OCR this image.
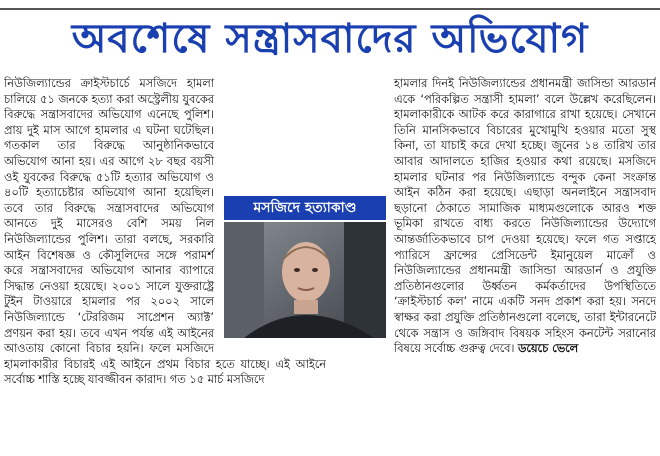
অবশেষে সন্ত্রাসবাদের অভিযোগ

নিউজিল্যান্ডের ক্রাইস্টচার্চে মসজিদে হামলা চালিয়ে ৫১ জনকে হত্যা করা অস্ট্রেলীয় যুবকের বিরুদ্ধে সন্ত্রাসবাদের অভিযোগ এনেছে পুলিশ। প্রায় দুই মাস আগে হামলার এ ঘটনা ঘটেছিল। গতকাল তার বিরুদ্ধে আনুষ্ঠানিকভাবে অভিযোগ আনা হয়। এর আগে ২৮ বছর বয়সী ওই যুবকের বিরুদ্ধে ৫১টি হত্যার অভিযোগ ও ৪০টি হত্যাচেষ্টার অভিযোগ আনা হয়েছিল। তবে তার বিরুদ্ধে সন্ত্রাসবাদের অভিযোগ আনতে দুই মাসেরও বেশি সময় নিল নিউজিল্যান্ডের পুলিশ। তারা বলছে, সরকারি আইন বিশেষজ্ঞ ও কৌসুলিদের সঙ্গে পরামর্শ করে সন্ত্রাসবাদের অভিযোগ আনার ব্যাপারে সিদ্ধান্ত নেওয়া হয়েছে। ২০০১ সালে যুক্তরাষ্ট্রে টুইন টাওয়ারে হামলার পর ২০০২ সালে নিউজিল্যান্ডে ‘টেররিজম সাপ্রেশন অ্যাক্ট’ প্রণয়ন করা হয়। তবে এখন পর্যন্ত এই আইনের আওতায় কোনো বিচার হয়নি। ফলে মসজিদে হামলাকারীর বিচারই এই আইনে প্রথম বিচার হতে যাচ্ছে। এই আইনে সর্বোচ্চ শাস্তি হচ্ছে যাবজ্জীবন কারাদ। গত ১৫ মার্চ মসজিদে

হামলার দিনই নিউজিল্যান্ডের প্রধানমন্ত্রী জাসিন্ডা আরডার্ন একে ‘পরিকল্পিত সন্ত্রাসী হামলা’ বলে উল্লেখ করেছিলেন। হামলাকারীকে আটক করে কারাগারে রাখা হয়েছে। সেখানে তিনি মানসিকভাবে বিচারের মুখোমুখি হওয়ার মতো সুস্থ কিনা, তা যাচাই করে দেখা হচ্ছে। জুনের ১৪ তারিখ তার আবার আদালতে হাজির হওয়ার কথা রয়েছে। মসজিদে হামলার ঘটনার পর নিউজিল্যান্ডে বন্দুক কেনা সংক্রান্ত আইন কঠিন করা হয়েছে। এছাড়া অনলাইনে সন্ত্রাসবাদ ছড়ানো ঠেকাতে সামাজিক মাধ্যমগুলোকে আরও শক্ত ভূমিকা রাখতে বাধ্য করতে নিউজিল্যান্ডের উদ্যোগে আন্তর্জাতিকভাবে চাপ দেওয়া হয়েছে। ফলে গত সপ্তাহে প্যারিসে ফ্রান্সের প্রেসিডেন্ট ইমানুয়েল মাক্রোঁ ও নিউজিল্যান্ডের প্রধানমন্ত্রী জাসিন্ডা আরডার্ন ও প্রযুক্তি প্রতিষ্ঠানগুলোর উর্ধ্বতন কর্মকর্তাদের উপস্থিতিতে ‘ক্রাইস্টচার্চ কল’ নামে একটি সনদ প্রকাশ করা হয়। সনদে স্বাক্ষর করা প্রযুক্তি প্রতিষ্ঠানগুলো বলেছে, তারা ইন্টারনেটে থেকে সন্ত্রাস ও জঙ্গিবাদ বিষয়ক সহিংস কনটেন্ট সরানোর বিষয়ে সর্বোচ্চ গুরুত্ব দেবে। ডয়েচে ভেলে

মসজিদে হত্যাকাণ্ড
